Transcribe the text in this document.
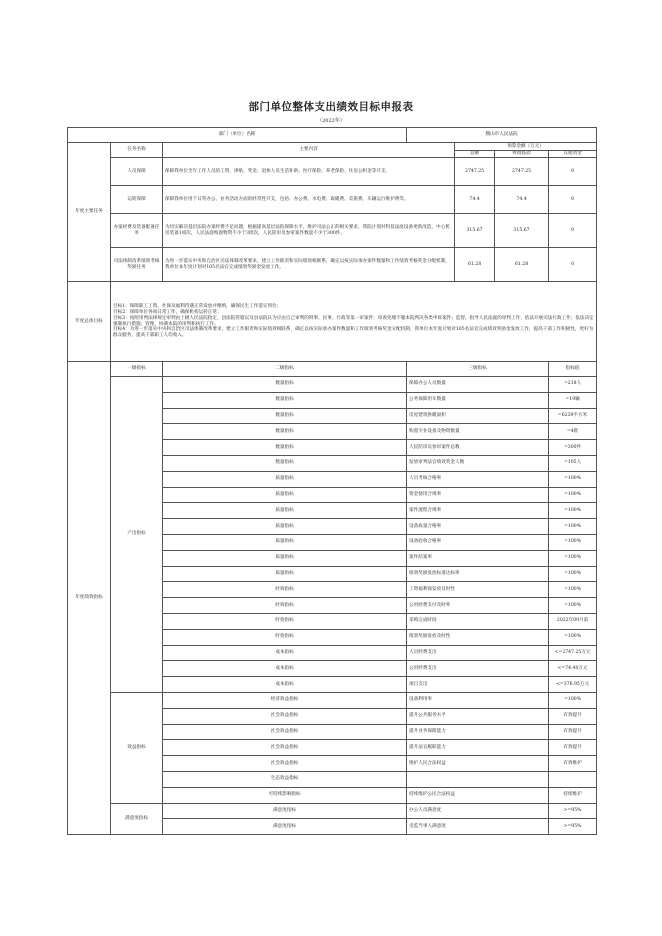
部门单位整体支出绩效目标申报表
（2022年）
部门（单位）名称			稷山市人民法院			
年度主要任务	任务名称	主要内容		预算金额（万元）		
				总额	财政拨款	其他资金
	人员保障	保障我单位全年工作人员的工资、津贴、奖金、退休人员生活补助、医疗保险、养老保险、住房公积金等开支。		2747.25	2747.25	0
	运转保障	保障我单位用于日常办公、业务活动方面的经常性开支，包括：办公费、水电费、取暖费、差旅费、车辆运行维护费等。		74.4	74.4	0
	办案经费及装备配备任务	为切实解决基层法院办案经费不足问题，根据提高基层法院保障水平，维护司法公正的相关要求，我院计划对科技法庭设备更新改造，中心机房装备1项次，人民法庭购置物资不少于3批次，人民陪审员参审案件数量不少于300件。		315.67	315.67	0
	司法体制改革绩效考核奖励任务	为进一步落实中央和自治区司法体制改革要求，建立工作职责和实际绩效相联系，确定以按实际承办案件数量和工作绩效考核奖金分配机制，我单位本年度计划对105名法官完成绩效奖励金发放工作。		61.28	61.28	0
年度总体目标	目标1：保障职工工资、社保及福利待遇正常发放并缴纳，确保民生工作落实到位；
目标2：保障单位各项日常工作，确保机构运转正常；
目标3：按照审判法律规定审判由上级人民法院指定、县法院管辖以及县法院认为应由自己审判的刑事、民事、行政等第一审案件；审查处理不服本院判决各类申诉案件；监督、指导人民法庭的审判工作；依法开展司法行政工作；依法决定强制执行措施；管理、协调本院的审判和执行工作。
目标4：为进一步落实中央和自治区司法体制改革要求，建立工作职责和实际绩效相联系，确定以按实际承办案件数量和工作绩效考核奖金分配机制，我单位本年度计划对105名法官完成绩效奖励金发放工作，提高干部工作积极性，更好为群众服务，提高干部职工人均收入。					

年度绩效指标	一级指标	二级指标	三级指标			指标值
	产出指标	数量指标	保障办公人员数量			=218人
		数量指标	公务保障用车数量			=19辆
		数量指标	房屋建筑供暖面积			=6239平方米
		数量指标	购置专业设备及物资数量			=4批
		数量指标	人民陪审员参审案件总数			=300件
		数量指标	发放审判法官绩效奖金人数			=105人
		质量指标	人员考核合格率			=100%
		质量指标	资金使用合规率			=100%
		质量指标	案件流程合规率			=100%
		质量指标	设备质量合格率			=100%
		质量指标	设备验收合格率			=100%
		质量指标	案件结案率			=100%
		质量指标	绩效奖励发放标准达标率			=100%
		时效指标	工资福利保发放及时性			=100%
		时效指标	公用经费支付及时率			=100%
		时效指标	采购完成时间			2022年09月前
		时效指标	绩效奖励发放及时性			=100%
		成本指标	人员经费支出			<=2747.25万元
		成本指标	公用经费支出			<=74.40万元
		成本指标	项目支出			<=376.95万元
	效益指标	经济效益指标	设备利用率			=100%
		社会效益指标	提升公共服务水平			有效提升
		社会效益指标	提升业务保障能力			有效提升
		社会效益指标	提升法官履职能力			有效提升
		社会效益指标	维护人民合法权益			有效维护
		生态效益指标				
		可持续影响指标	持续维护公民合法权益			持续维护
	满意度指标	满意度指标	办公人员满意度			>=95%
		满意度指标	受监当事人满意度			>=95%
